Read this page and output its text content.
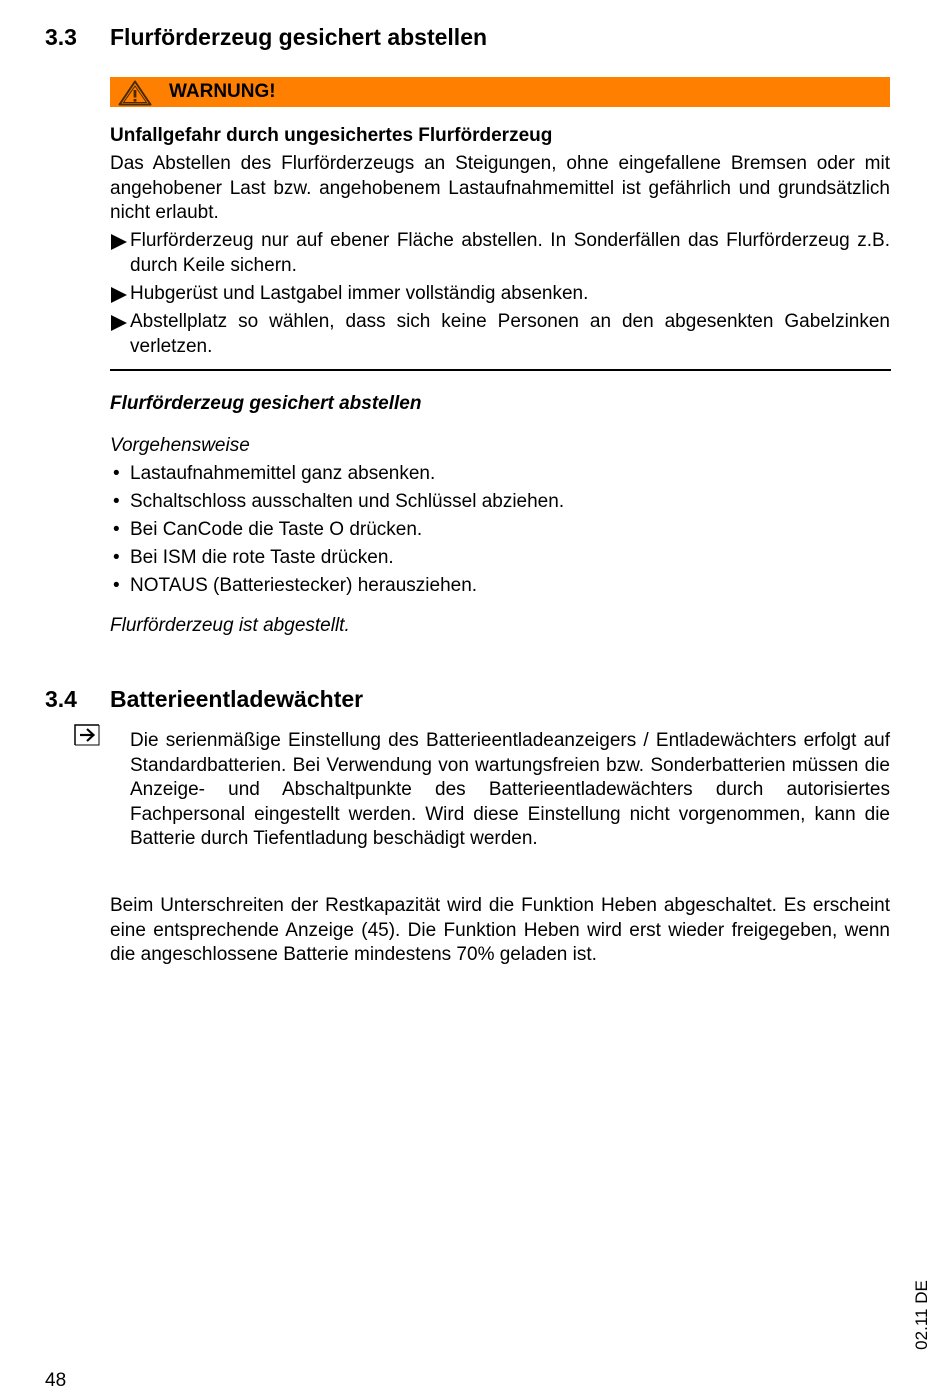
3.3 Flurförderzeug gesichert abstellen
WARNUNG!
Unfallgefahr durch ungesichertes Flurförderzeug
Das Abstellen des Flurförderzeugs an Steigungen, ohne eingefallene Bremsen oder mit angehobener Last bzw. angehobenem Lastaufnahmemittel ist gefährlich und grundsätzlich nicht erlaubt.
Flurförderzeug nur auf ebener Fläche abstellen. In Sonderfällen das Flurförderzeug z.B. durch Keile sichern.
Hubgerüst und Lastgabel immer vollständig absenken.
Abstellplatz so wählen, dass sich keine Personen an den abgesenkten Gabelzinken verletzen.
Flurförderzeug gesichert abstellen
Vorgehensweise
• Lastaufnahmemittel ganz absenken.
• Schaltschloss ausschalten und Schlüssel abziehen.
• Bei CanCode die Taste O drücken.
• Bei ISM die rote Taste drücken.
• NOTAUS (Batteriestecker) herausziehen.
Flurförderzeug ist abgestellt.
3.4 Batterieentladewächter
Die serienmäßige Einstellung des Batterieentladeanzeigers / Entladewächters erfolgt auf Standardbatterien. Bei Verwendung von wartungsfreien bzw. Sonderbatterien müssen die Anzeige- und Abschaltpunkte des Batterieentladewächters durch autorisiertes Fachpersonal eingestellt werden. Wird diese Einstellung nicht vorgenommen, kann die Batterie durch Tiefentladung beschädigt werden.
Beim Unterschreiten der Restkapazität wird die Funktion Heben abgeschaltet. Es erscheint eine entsprechende Anzeige (45). Die Funktion Heben wird erst wieder freigegeben, wenn die angeschlossene Batterie mindestens 70% geladen ist.
02.11 DE
48
